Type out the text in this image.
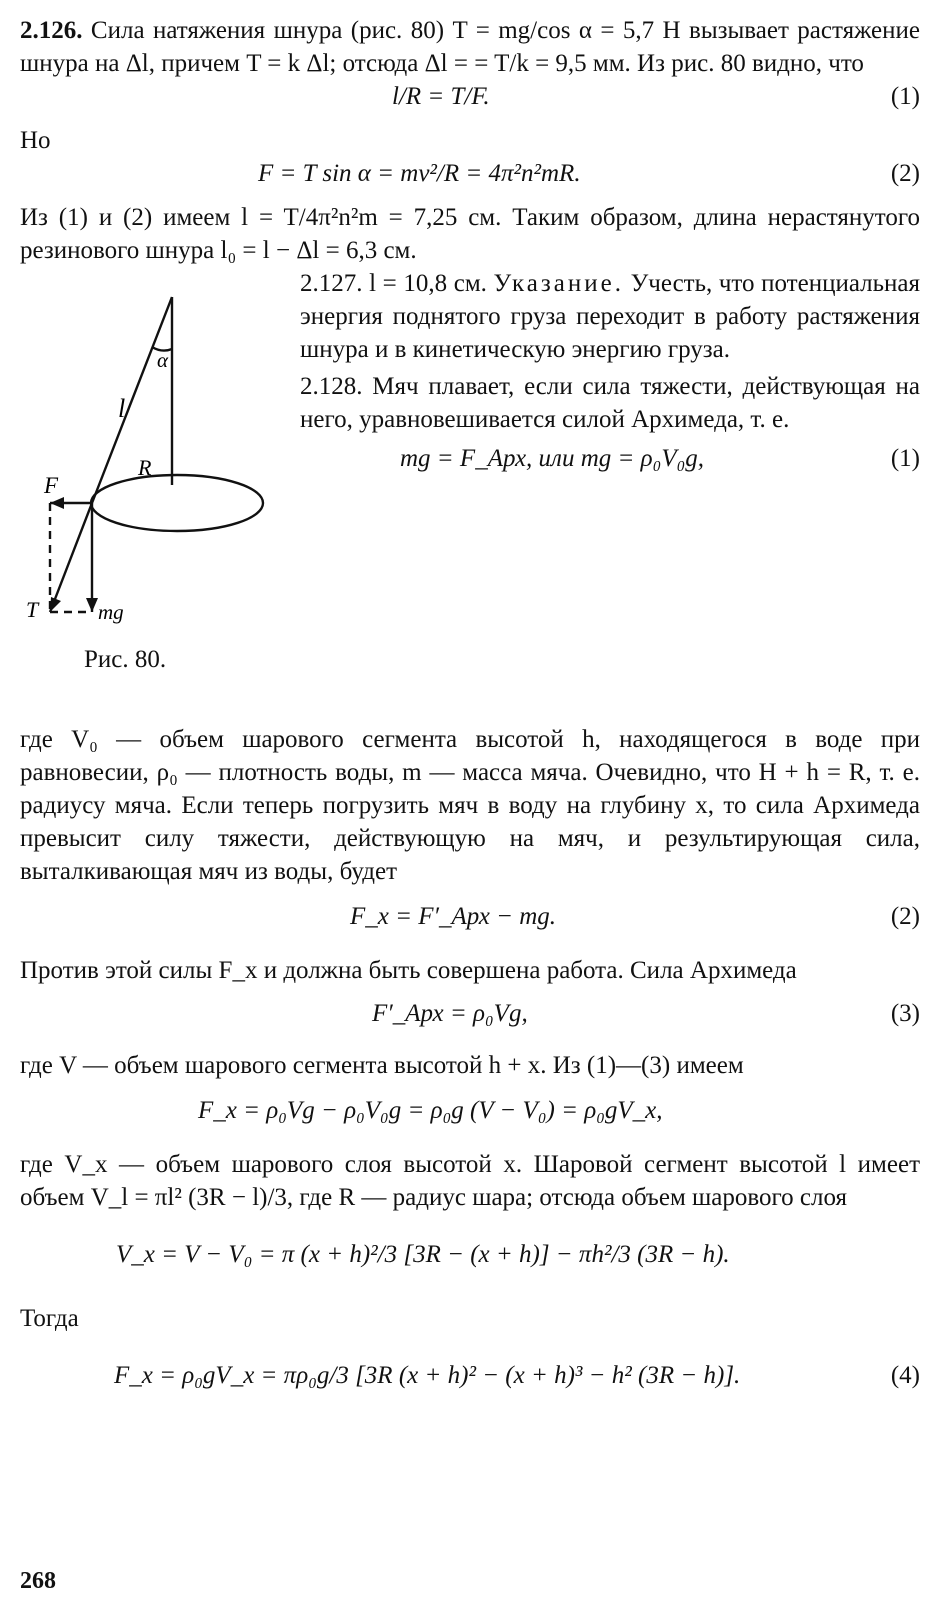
2.126. Сила натяжения шнура (рис. 80) T = mg/cos α = 5,7 Н вызывает растяжение шнура на Δl, причем T = k Δl; отсюда Δl = = T/k = 9,5 мм. Из рис. 80 видно, что

l/R = T/F.	(1)

Но

F = T sin α = mv²/R = 4π²n²mR.	(2)

Из (1) и (2) имеем l = T/4π²n²m = 7,25 см. Таким образом, длина нерастянутого резинового шнура l₀ = l − Δl = 6,3 см.

α
l
R
F
T	mg
Рис. 80.

2.127. l = 10,8 см. Указание. Учесть, что потенциальная энергия поднятого груза переходит в работу растяжения шнура и в кинетическую энергию груза.

2.128. Мяч плавает, если сила тяжести, действующая на него, уравновешивается силой Архимеда, т. е.

mg = F_Арх, или mg = ρ₀V₀g,	(1)

где V₀ — объем шарового сегмента высотой h, находящегося в воде при равновесии, ρ₀ — плотность воды, m — масса мяча. Очевидно, что H + h = R, т. е. радиусу мяча. Если теперь погрузить мяч в воду на глубину x, то сила Архимеда превысит силу тяжести, действующую на мяч, и результирующая сила, выталкивающая мяч из воды, будет

F_x = F′_Арх − mg.	(2)

Против этой силы F_x и должна быть совершена работа. Сила Архимеда

F′_Арх = ρ₀Vg,	(3)

где V — объем шарового сегмента высотой h + x. Из (1)—(3) имеем

F_x = ρ₀Vg − ρ₀V₀g = ρ₀g (V − V₀) = ρ₀gV_x,

где V_x — объем шарового слоя высотой x. Шаровой сегмент высотой l имеет объем V_l = πl² (3R − l)/3, где R — радиус шара; отсюда объем шарового слоя

V_x = V − V₀ = π (x + h)²/3 [3R − (x + h)] − πh²/3 (3R − h).

Тогда

F_x = ρ₀gV_x = πρ₀g/3 [3R (x + h)² − (x + h)³ − h² (3R − h)].	(4)
268
